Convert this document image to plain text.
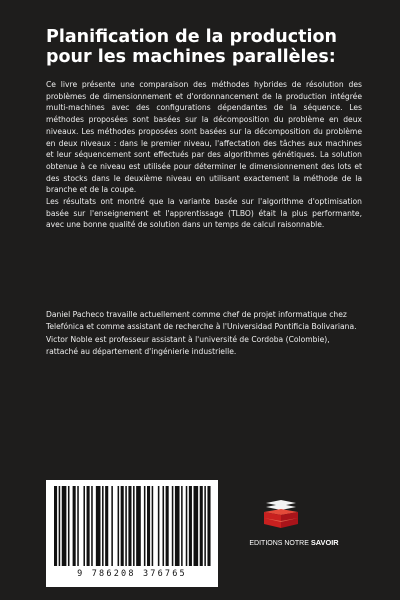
Planification de la production pour les machines parallèles:

Ce livre présente une comparaison des méthodes hybrides de résolution des problèmes de dimensionnement et d'ordonnancement de la production intégrée multi-machines avec des configurations dépendantes de la séquence. Les méthodes proposées sont basées sur la décomposition du problème en deux niveaux. Les méthodes proposées sont basées sur la décomposition du problème en deux niveaux : dans le premier niveau, l'affectation des tâches aux machines et leur séquencement sont effectués par des algorithmes génétiques. La solution obtenue à ce niveau est utilisée pour déterminer le dimensionnement des lots et des stocks dans le deuxième niveau en utilisant exactement la méthode de la branche et de la coupe.

Les résultats ont montré que la variante basée sur l'algorithme d'optimisation basée sur l'enseignement et l'apprentissage (TLBO) était la plus performante, avec une bonne qualité de solution dans un temps de calcul raisonnable.

Daniel Pacheco travaille actuellement comme chef de projet informatique chez Telefónica et comme assistant de recherche à l'Universidad Pontificia Bolivariana.

Victor Noble est professeur assistant à l'université de Cordoba (Colombie), rattaché au département d'ingénierie industrielle.

9 786208 376765
EDITIONS NOTRE SAVOIR
